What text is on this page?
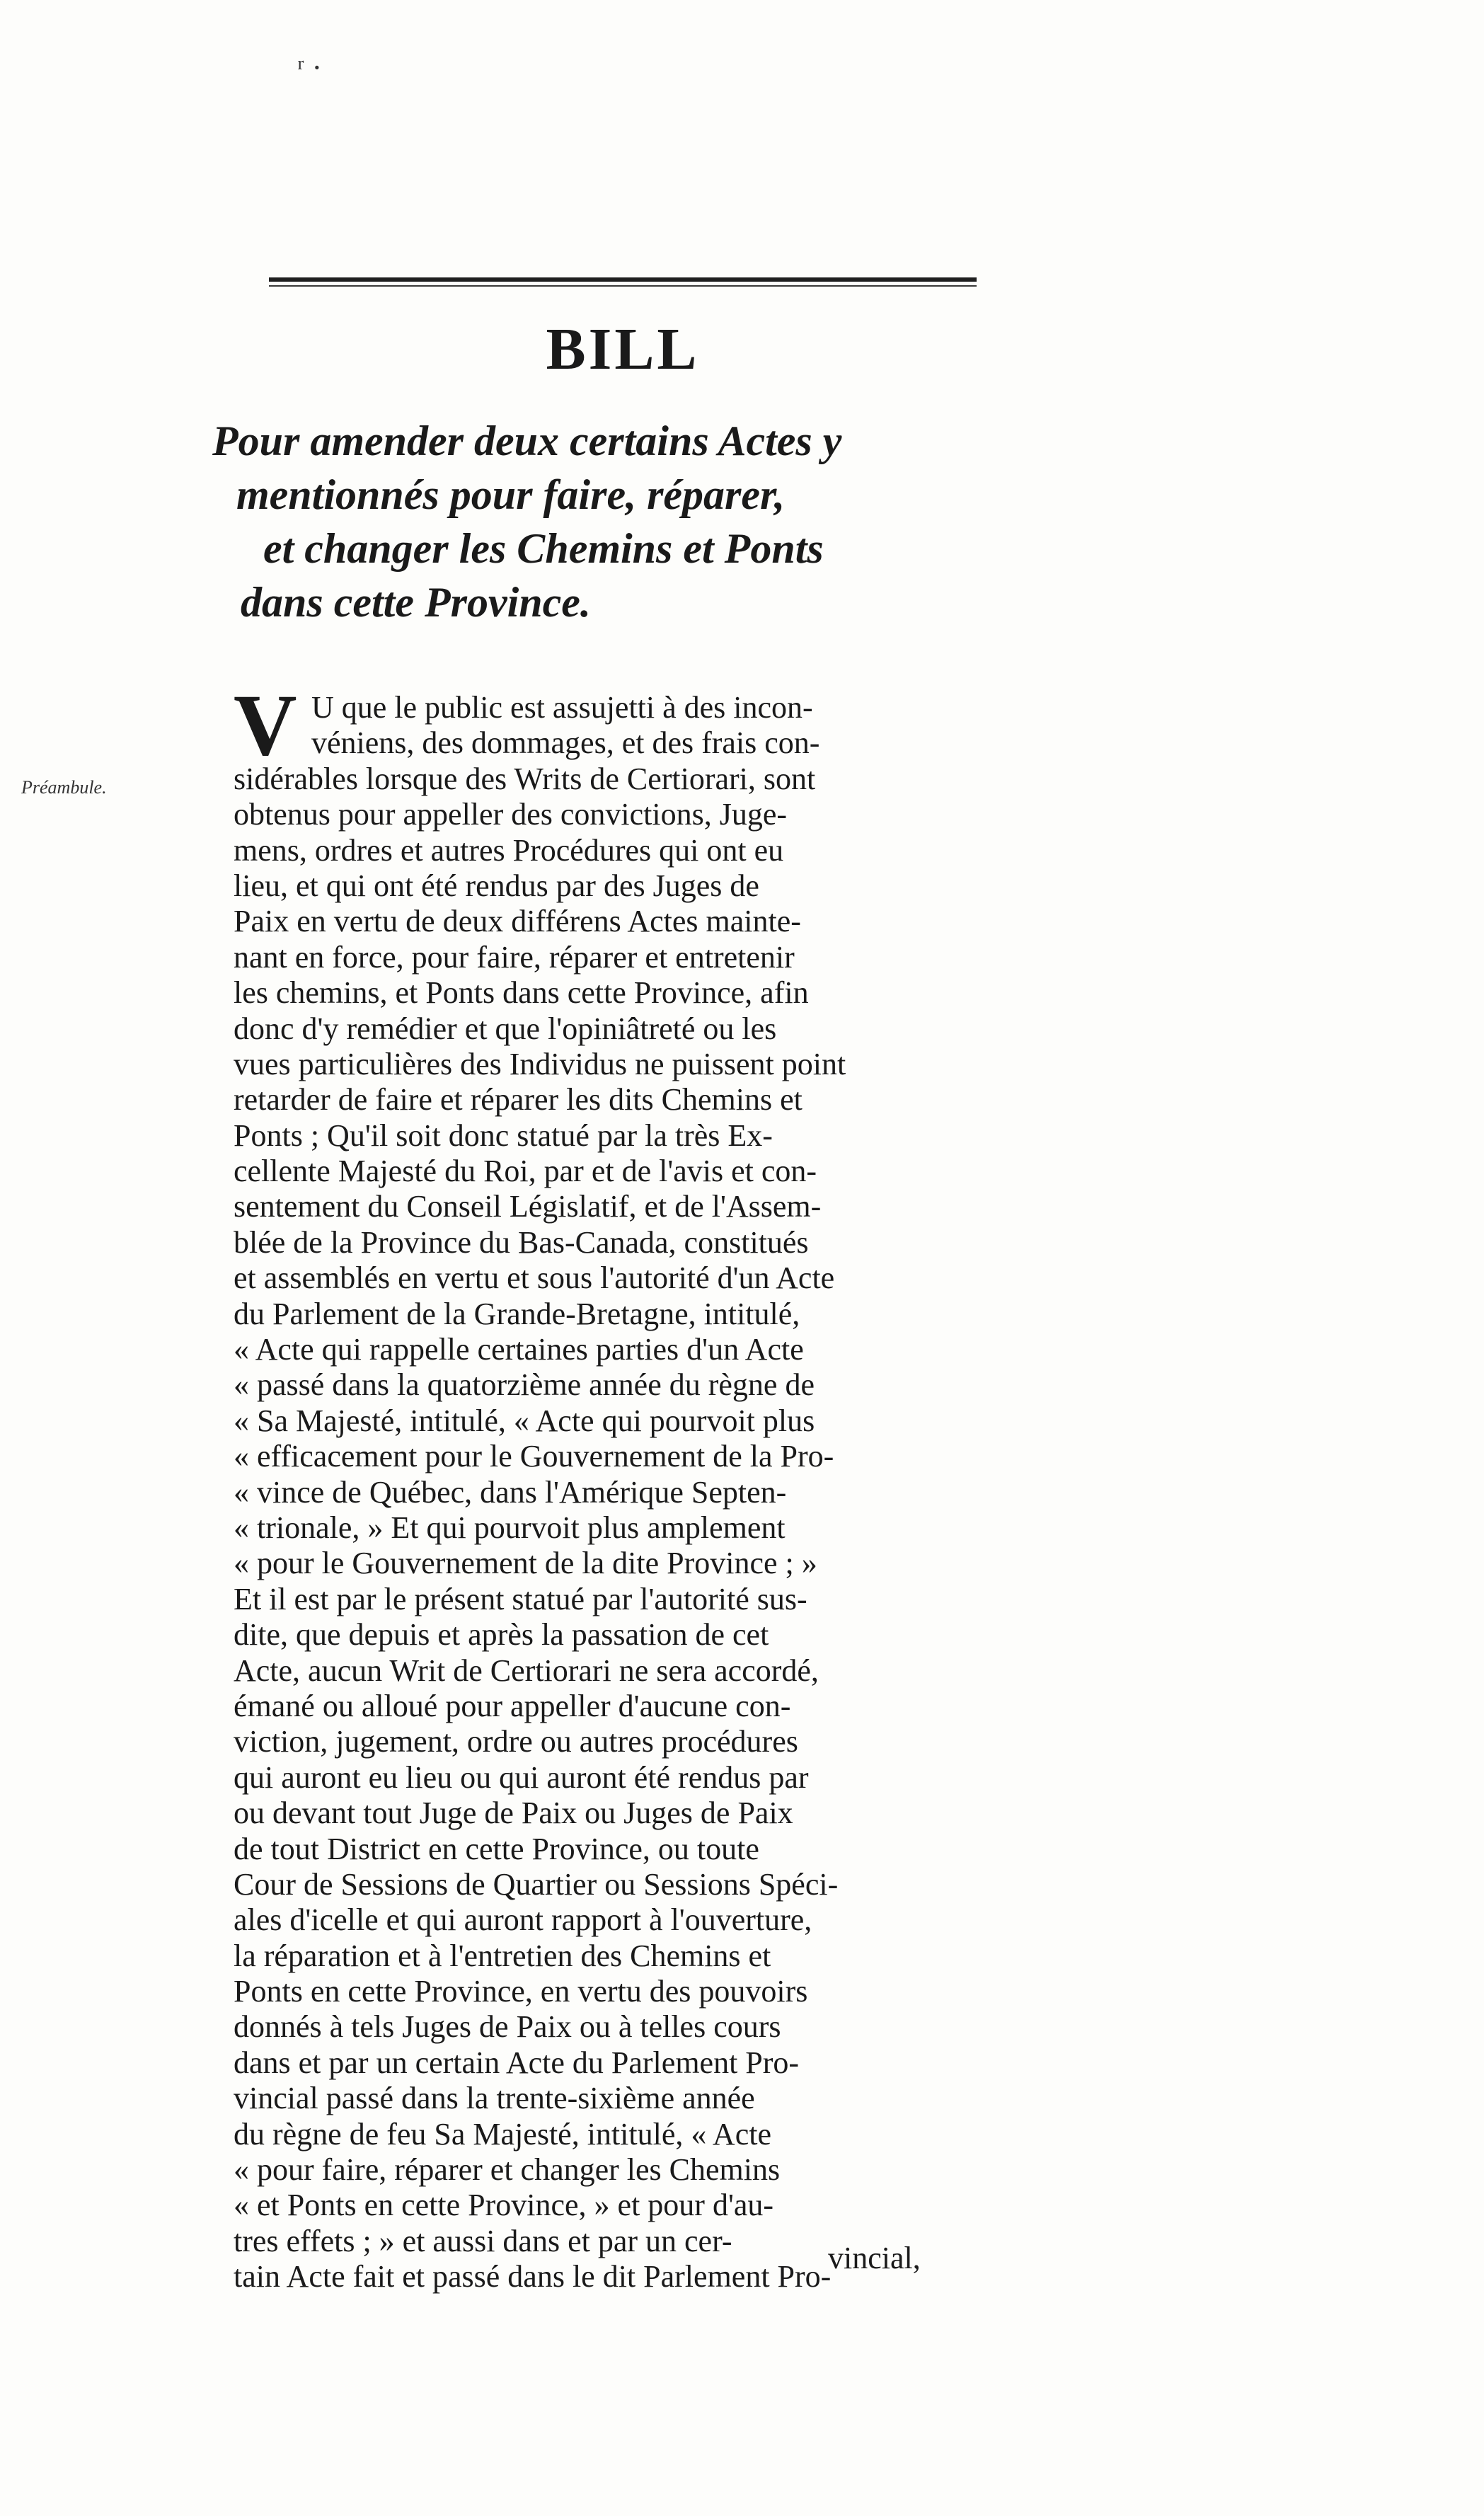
ʳ ·
BILL
Pour amender deux certains Actes y
mentionnés pour faire, réparer,
et changer les Chemins et Ponts
dans cette Province.
Préambule.
V U que le public est assujetti à des incon-
véniens, des dommages, et des frais con-
sidérables lorsque des Writs de Certiorari, sont
obtenus pour appeller des convictions, Juge-
mens, ordres et autres Procédures qui ont eu
lieu, et qui ont été rendus par des Juges de
Paix en vertu de deux différens Actes mainte-
nant en force, pour faire, réparer et entretenir
les chemins, et Ponts dans cette Province, afin
donc d'y remédier et que l'opiniâtreté ou les
vues particulières des Individus ne puissent point
retarder de faire et réparer les dits Chemins et
Ponts ; Qu'il soit donc statué par la très Ex-
cellente Majesté du Roi, par et de l'avis et con-
sentement du Conseil Législatif, et de l'Assem-
blée de la Province du Bas-Canada, constitués
et assemblés en vertu et sous l'autorité d'un Acte
du Parlement de la Grande-Bretagne, intitulé,
« Acte qui rappelle certaines parties d'un Acte
« passé dans la quatorzième année du règne de
« Sa Majesté, intitulé, « Acte qui pourvoit plus
« efficacement pour le Gouvernement de la Pro-
« vince de Québec, dans l'Amérique Septen-
« trionale, » Et qui pourvoit plus amplement
« pour le Gouvernement de la dite Province ; »
Et il est par le présent statué par l'autorité sus-
dite, que depuis et après la passation de cet
Acte, aucun Writ de Certiorari ne sera accordé,
émané ou alloué pour appeller d'aucune con-
viction, jugement, ordre ou autres procédures
qui auront eu lieu ou qui auront été rendus par
ou devant tout Juge de Paix ou Juges de Paix
de tout District en cette Province, ou toute
Cour de Sessions de Quartier ou Sessions Spéci-
ales d'icelle et qui auront rapport à l'ouverture,
la réparation et à l'entretien des Chemins et
Ponts en cette Province, en vertu des pouvoirs
donnés à tels Juges de Paix ou à telles cours
dans et par un certain Acte du Parlement Pro-
vincial passé dans la trente-sixième année
du règne de feu Sa Majesté, intitulé, « Acte
« pour faire, réparer et changer les Chemins
« et Ponts en cette Province, » et pour d'au-
tres effets ; » et aussi dans et par un cer-
tain Acte fait et passé dans le dit Parlement Pro-
vincial,
